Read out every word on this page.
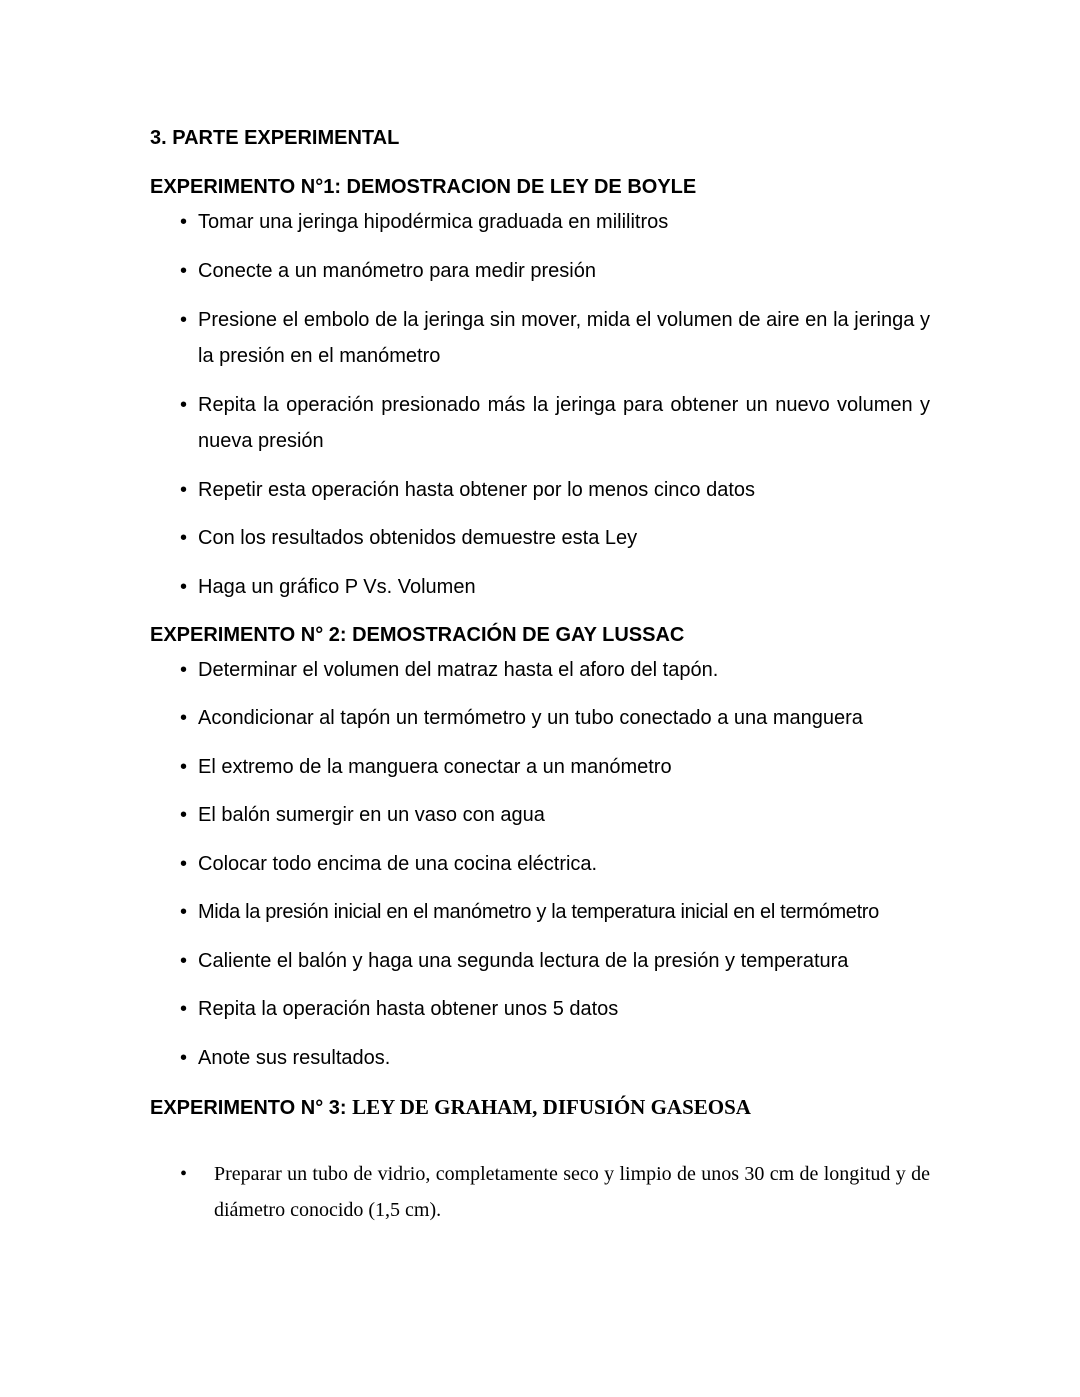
3. PARTE EXPERIMENTAL
EXPERIMENTO N°1: DEMOSTRACION DE LEY DE BOYLE
• Tomar una jeringa hipodérmica graduada en mililitros
• Conecte a un manómetro para medir presión
• Presione el embolo de la jeringa sin mover, mida el volumen de aire en la jeringa y la presión en el manómetro
• Repita la operación presionado más la jeringa para obtener un nuevo volumen y nueva presión
• Repetir esta operación hasta obtener por lo menos cinco datos
• Con los resultados obtenidos demuestre esta Ley
• Haga un gráfico P Vs. Volumen
EXPERIMENTO N° 2: DEMOSTRACIÓN DE GAY LUSSAC
• Determinar el volumen del matraz hasta el aforo del tapón.
• Acondicionar al tapón un termómetro y un tubo conectado a una manguera
• El extremo de la manguera conectar a un manómetro
• El balón sumergir en un vaso con agua
• Colocar todo encima de una cocina eléctrica.
• Mida la presión inicial en el manómetro y la temperatura inicial en el termómetro
• Caliente el balón y haga una segunda lectura de la presión y temperatura
• Repita la operación hasta obtener unos 5 datos
• Anote sus resultados.
EXPERIMENTO N° 3: LEY DE GRAHAM, DIFUSIÓN GASEOSA
•	Preparar un tubo de vidrio, completamente seco y limpio de unos 30 cm de longitud y de diámetro conocido (1,5 cm).
